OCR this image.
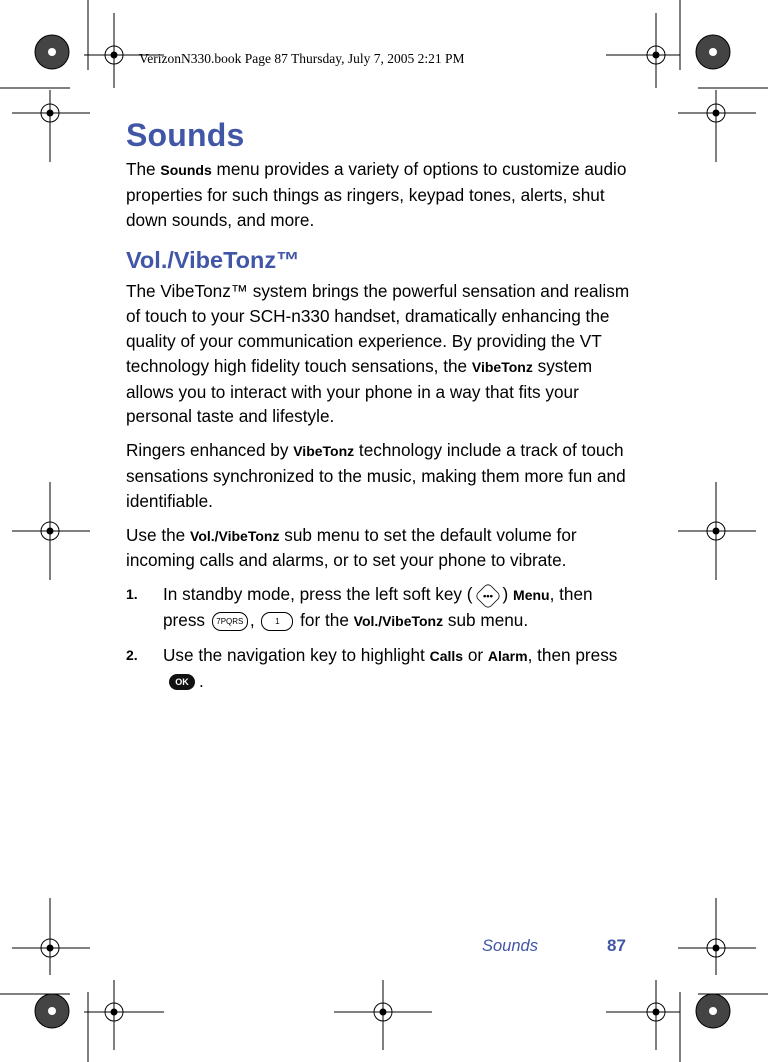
VerizonN330.book Page 87 Thursday, July 7, 2005 2:21 PM
Sounds

The Sounds menu provides a variety of options to customize audio properties for such things as ringers, keypad tones, alerts, shut down sounds, and more.

Vol./VibeTonz™

The VibeTonz™ system brings the powerful sensation and realism of touch to your SCH-n330 handset, dramatically enhancing the quality of your communication experience. By providing the VT technology high fidelity touch sensations, the VibeTonz system allows you to interact with your phone in a way that fits your personal taste and lifestyle.

Ringers enhanced by VibeTonz technology include a track of touch sensations synchronized to the music, making them more fun and identifiable.

Use the Vol./VibeTonz sub menu to set the default volume for incoming calls and alarms, or to set your phone to vibrate.

1. In standby mode, press the left soft key ( ••• ) Menu, then press 7PQRS , 1 for the Vol./VibeTonz sub menu.
2. Use the navigation key to highlight Calls or Alarm, then pressOK .
Sounds	87
